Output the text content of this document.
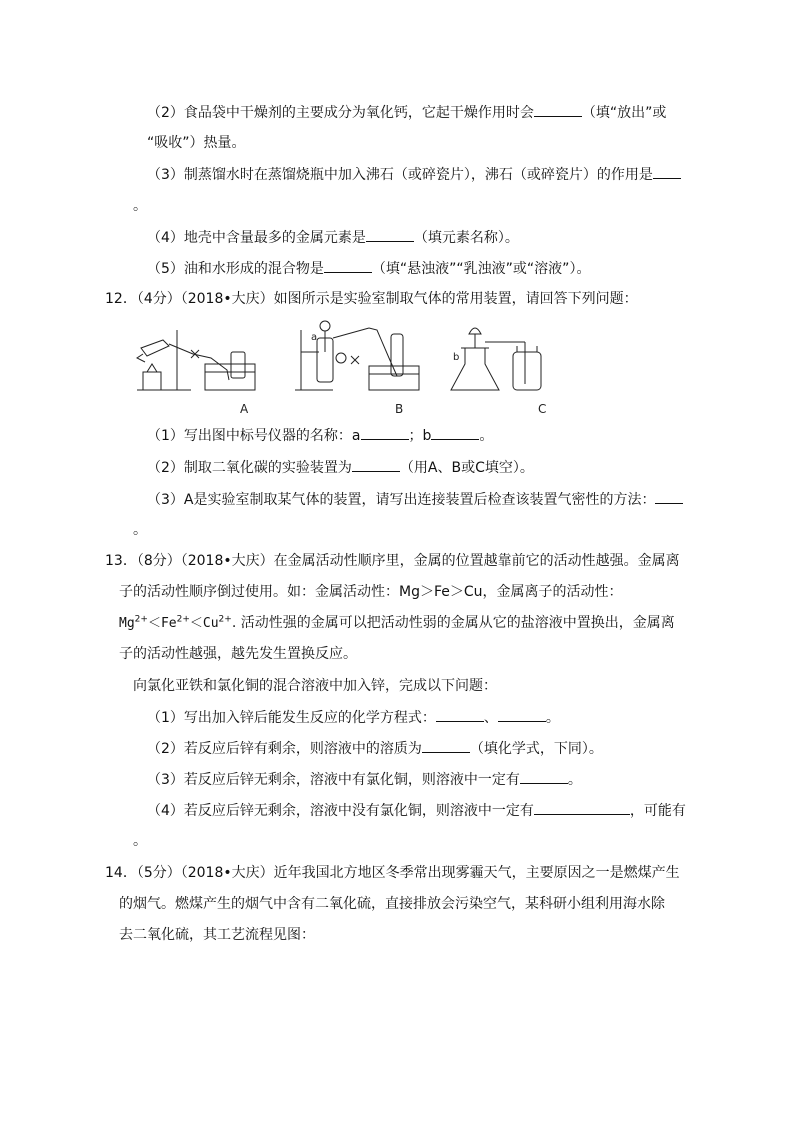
（2）食品袋中干燥剂的主要成分为氧化钙，它起干燥作用时会	（填“放出”或
“吸收”）热量。
（3）制蒸馏水时在蒸馏烧瓶中加入沸石（或碎瓷片），沸石（或碎瓷片）的作用是
。
（4）地壳中含量最多的金属元素是	（填元素名称）。
（5）油和水形成的混合物是	（填“悬浊液”“乳浊液”或“溶液”）。
12．（4分）（2018•大庆）如图所示是实验室制取气体的常用装置，请回答下列问题：
a
b
A	B	C
（1）写出图中标号仪器的名称：a	；b	。
（2）制取二氧化碳的实验装置为	（用A、B或C填空）。
（3）A是实验室制取某气体的装置，请写出连接装置后检查该装置气密性的方法：
。
13．（8分）（2018•大庆）在金属活动性顺序里，金属的位置越靠前它的活动性越强。金属离
子的活动性顺序倒过使用。如：金属活动性：Mg＞Fe＞Cu，金属离子的活动性：
$Mg^{2+}<Fe^{2+}<Cu^{2+}$. 活动性强的金属可以把活动性弱的金属从它的盐溶液中置换出，金属离
子的活动性越强，越先发生置换反应。
向氯化亚铁和氯化铜的混合溶液中加入锌，完成以下问题：
（1）写出加入锌后能发生反应的化学方程式：	、	。
（2）若反应后锌有剩余，则溶液中的溶质为	（填化学式，下同）。
（3）若反应后锌无剩余，溶液中有氯化铜，则溶液中一定有	。
（4）若反应后锌无剩余，溶液中没有氯化铜，则溶液中一定有	，可能有
。
14．（5分）（2018•大庆）近年我国北方地区冬季常出现雾霾天气，主要原因之一是燃煤产生
的烟气。燃煤产生的烟气中含有二氧化硫，直接排放会污染空气，某科研小组利用海水除
去二氧化硫，其工艺流程见图：
